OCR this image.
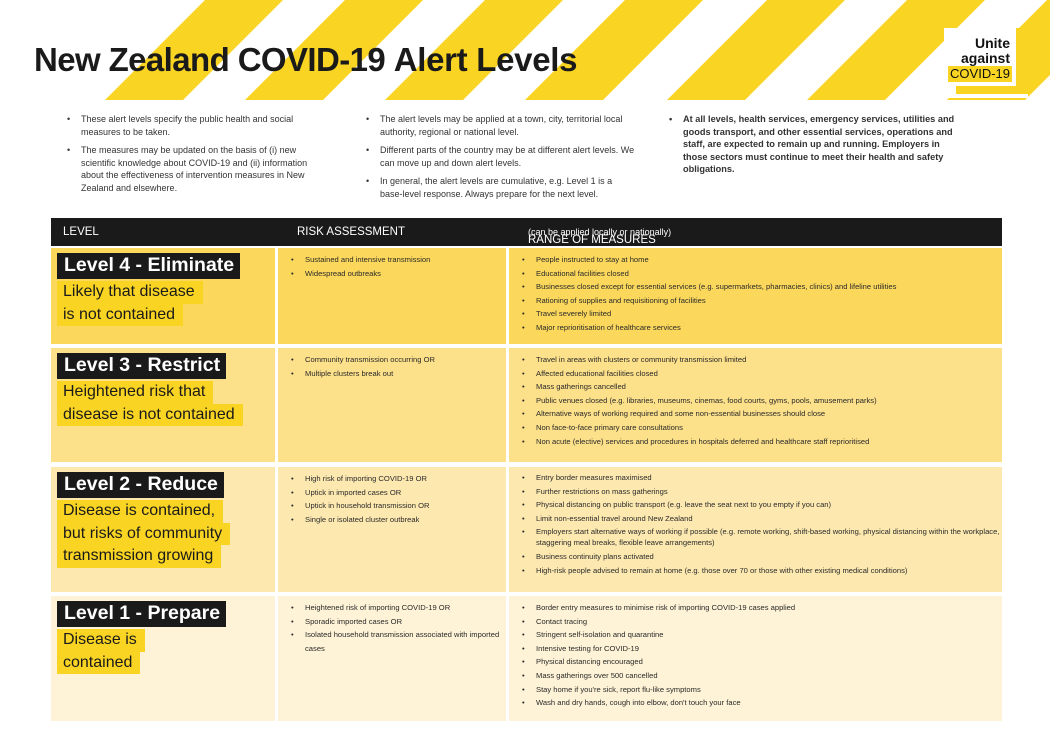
New Zealand COVID-19 Alert Levels	Unite
against
COVID-19
• These alert levels specify the public health and social measures to be taken.
• The measures may be updated on the basis of (i) new scientific knowledge about COVID-19 and (ii) information about the effectiveness of intervention measures in New Zealand and elsewhere.
• The alert levels may be applied at a town, city, territorial local authority, regional or national level.
• Different parts of the country may be at different alert levels. We can move up and down alert levels.
• In general, the alert levels are cumulative, e.g. Level 1 is a base-level response. Always prepare for the next level.
• At all levels, health services, emergency services, utilities and goods transport, and other essential services, operations and staff, are expected to remain up and running. Employers in those sectors must continue to meet their health and safety obligations.
LEVEL	RISK ASSESSMENT
RANGE OF MEASURES
(can be applied locally or nationally)
Level 4 - Eliminate
Likely that disease
is not contained
• Sustained and intensive transmission
• Widespread outbreaks
• People instructed to stay at home
• Educational facilities closed
• Businesses closed except for essential services (e.g. supermarkets, pharmacies, clinics) and lifeline utilities
• Rationing of supplies and requisitioning of facilities
• Travel severely limited
• Major reprioritisation of healthcare services
Level 3 - Restrict
Heightened risk that
disease is not contained
• Community transmission occurring OR
• Multiple clusters break out
• Travel in areas with clusters or community transmission limited
• Affected educational facilities closed
• Mass gatherings cancelled
• Public venues closed (e.g. libraries, museums, cinemas, food courts, gyms, pools, amusement parks)
• Alternative ways of working required and some non-essential businesses should close
• Non face-to-face primary care consultations
• Non acute (elective) services and procedures in hospitals deferred and healthcare staff reprioritised
Level 2 - Reduce
Disease is contained,
but risks of community
transmission growing
• High risk of importing COVID-19 OR
• Uptick in imported cases OR
• Uptick in household transmission OR
• Single or isolated cluster outbreak
• Entry border measures maximised
• Further restrictions on mass gatherings
• Physical distancing on public transport (e.g. leave the seat next to you empty if you can)
• Limit non-essential travel around New Zealand
• Employers start alternative ways of working if possible (e.g. remote working, shift-based working, physical distancing within the workplace, staggering meal breaks, flexible leave arrangements)
• Business continuity plans activated
• High-risk people advised to remain at home (e.g. those over 70 or those with other existing medical conditions)
Level 1 - Prepare
Disease is
contained
• Heightened risk of importing COVID-19 OR
• Sporadic imported cases OR
• Isolated household transmission associated with imported cases
• Border entry measures to minimise risk of importing COVID-19 cases applied
• Contact tracing
• Stringent self-isolation and quarantine
• Intensive testing for COVID-19
• Physical distancing encouraged
• Mass gatherings over 500 cancelled
• Stay home if you're sick, report flu-like symptoms
• Wash and dry hands, cough into elbow, don't touch your face
